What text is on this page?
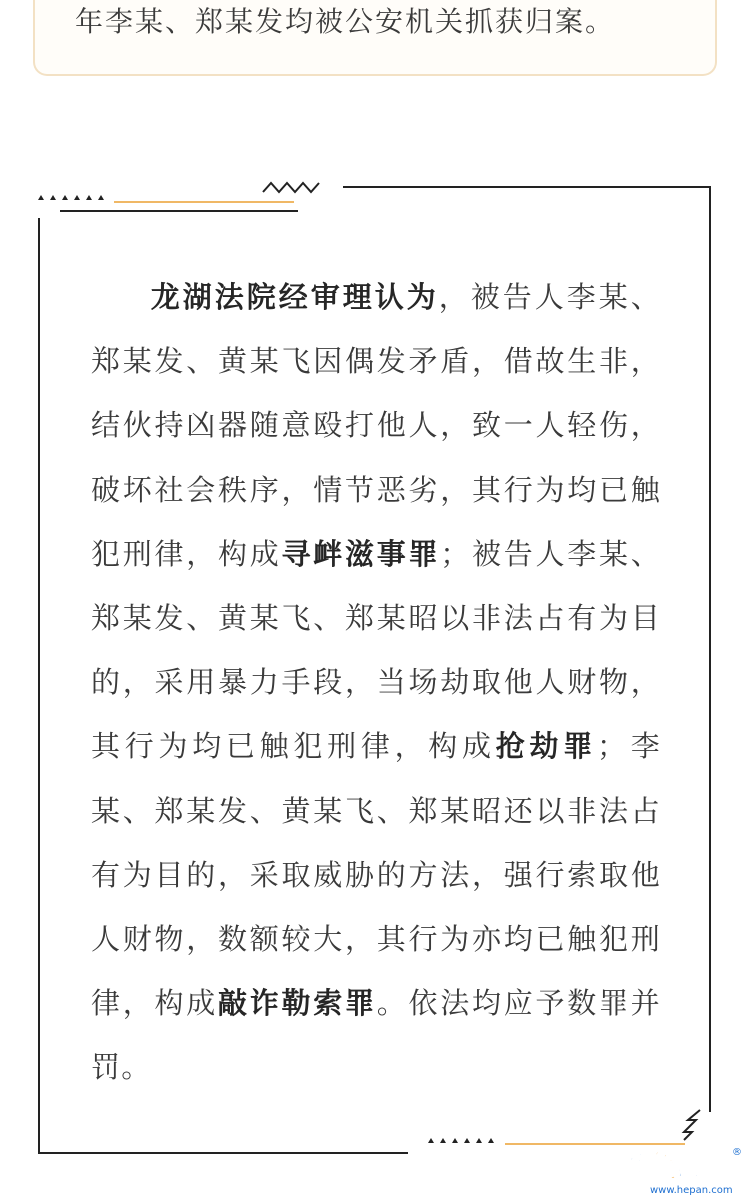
年李某、郑某发均被公安机关抓获归案。

龙湖法院经审理认为，被告人李某、郑某发、黄某飞因偶发矛盾，借故生非，结伙持凶器随意殴打他人，致一人轻伤，破坏社会秩序，情节恶劣，其行为均已触犯刑律，构成寻衅滋事罪；被告人李某、郑某发、黄某飞、郑某昭以非法占有为目的，采用暴力手段，当场劫取他人财物，其行为均已触犯刑律，构成抢劫罪；李某、郑某发、黄某飞、郑某昭还以非法占有为目的，采取威胁的方法，强行索取他人财物，数额较大，其行为亦均已触犯刑律，构成敲诈勒索罪。依法均应予数罪并罚。

蓝 色 河 畔 ®
www.hepan.com
